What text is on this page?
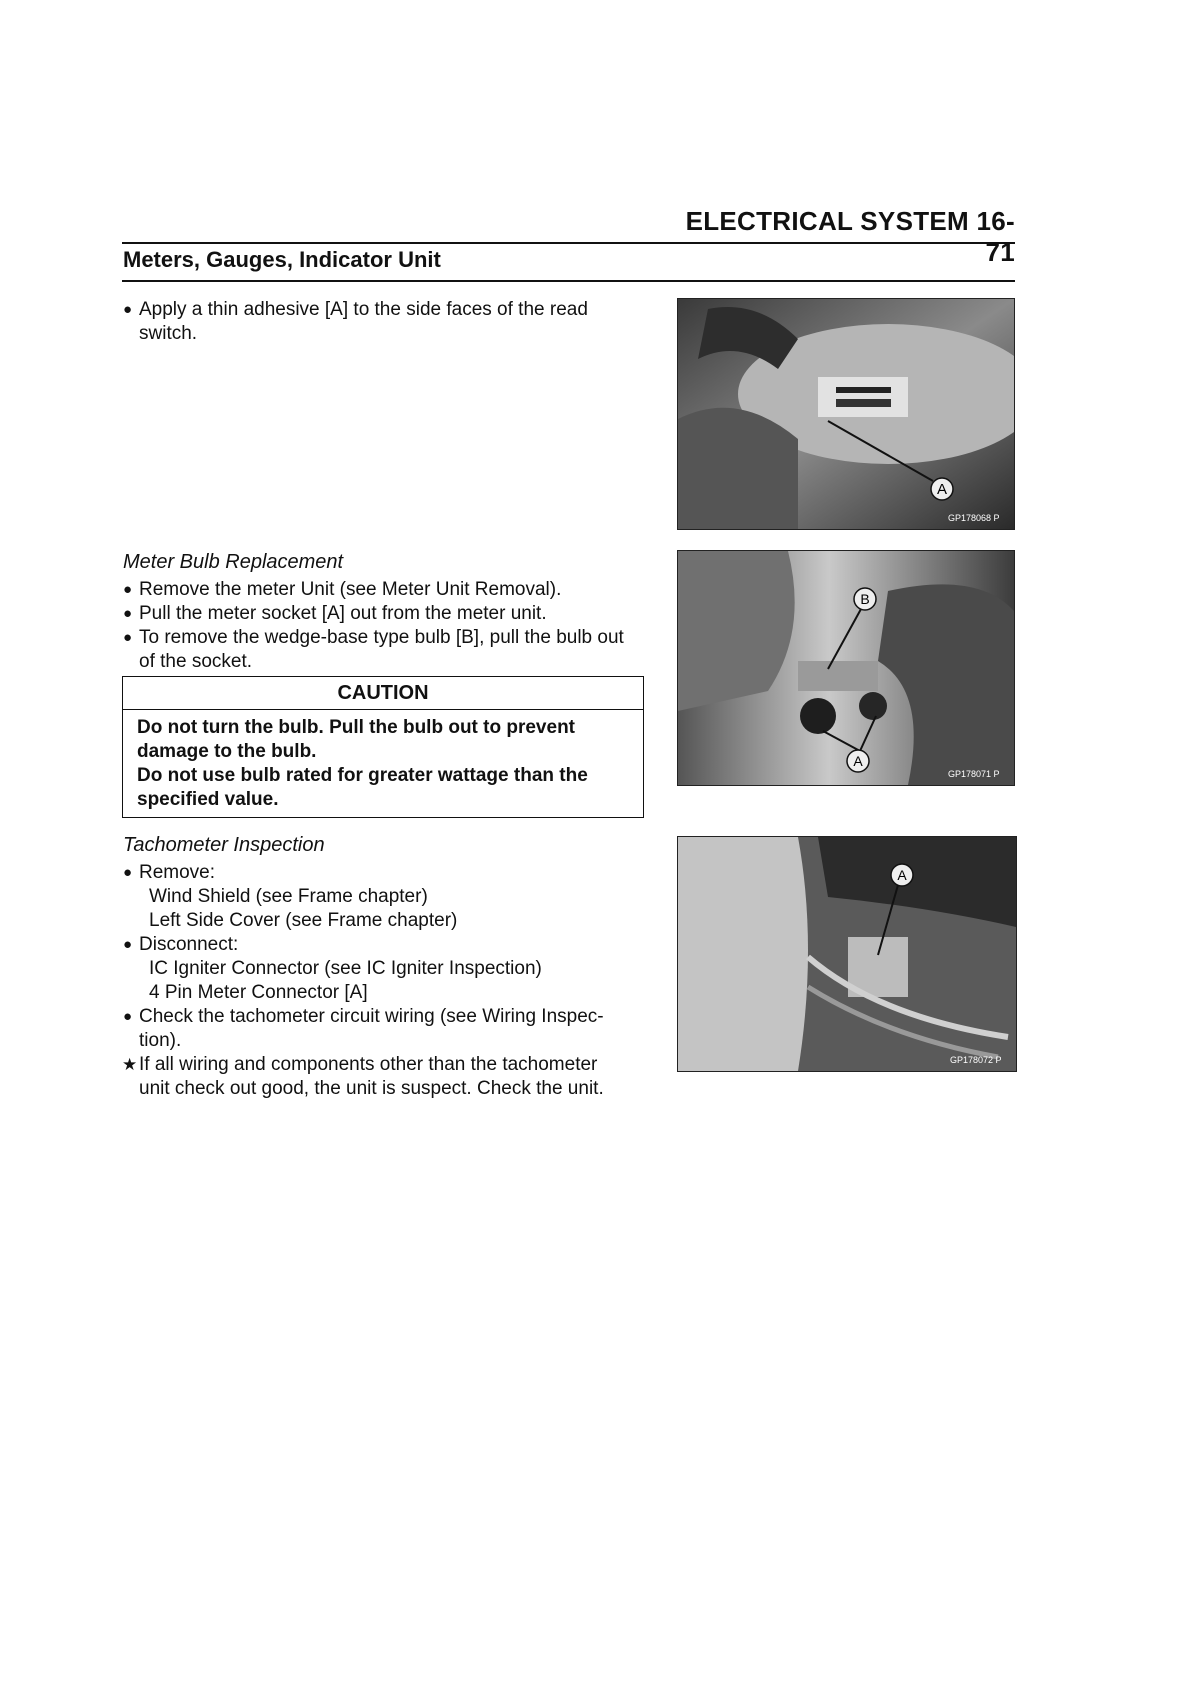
ELECTRICAL SYSTEM 16-71
Meters, Gauges, Indicator Unit
● Apply a thin adhesive [A] to the side faces of the read
switch.
Meter Bulb Replacement
● Remove the meter Unit (see Meter Unit Removal).
● Pull the meter socket [A] out from the meter unit.
● To remove the wedge-base type bulb [B], pull the bulb out
of the socket.
CAUTION
Do not turn the bulb. Pull the bulb out to prevent
damage to the bulb.
Do not use bulb rated for greater wattage than the
specified value.
Tachometer Inspection
● Remove:
Wind Shield (see Frame chapter)
Left Side Cover (see Frame chapter)
● Disconnect:
IC Igniter Connector (see IC Igniter Inspection)
4 Pin Meter Connector [A]
● Check the tachometer circuit wiring (see Wiring Inspec-
tion).
★ If all wiring and components other than the tachometer
unit check out good, the unit is suspect. Check the unit.
A
GP178068 P
B
A
GP178071 P
A
GP178072 P
